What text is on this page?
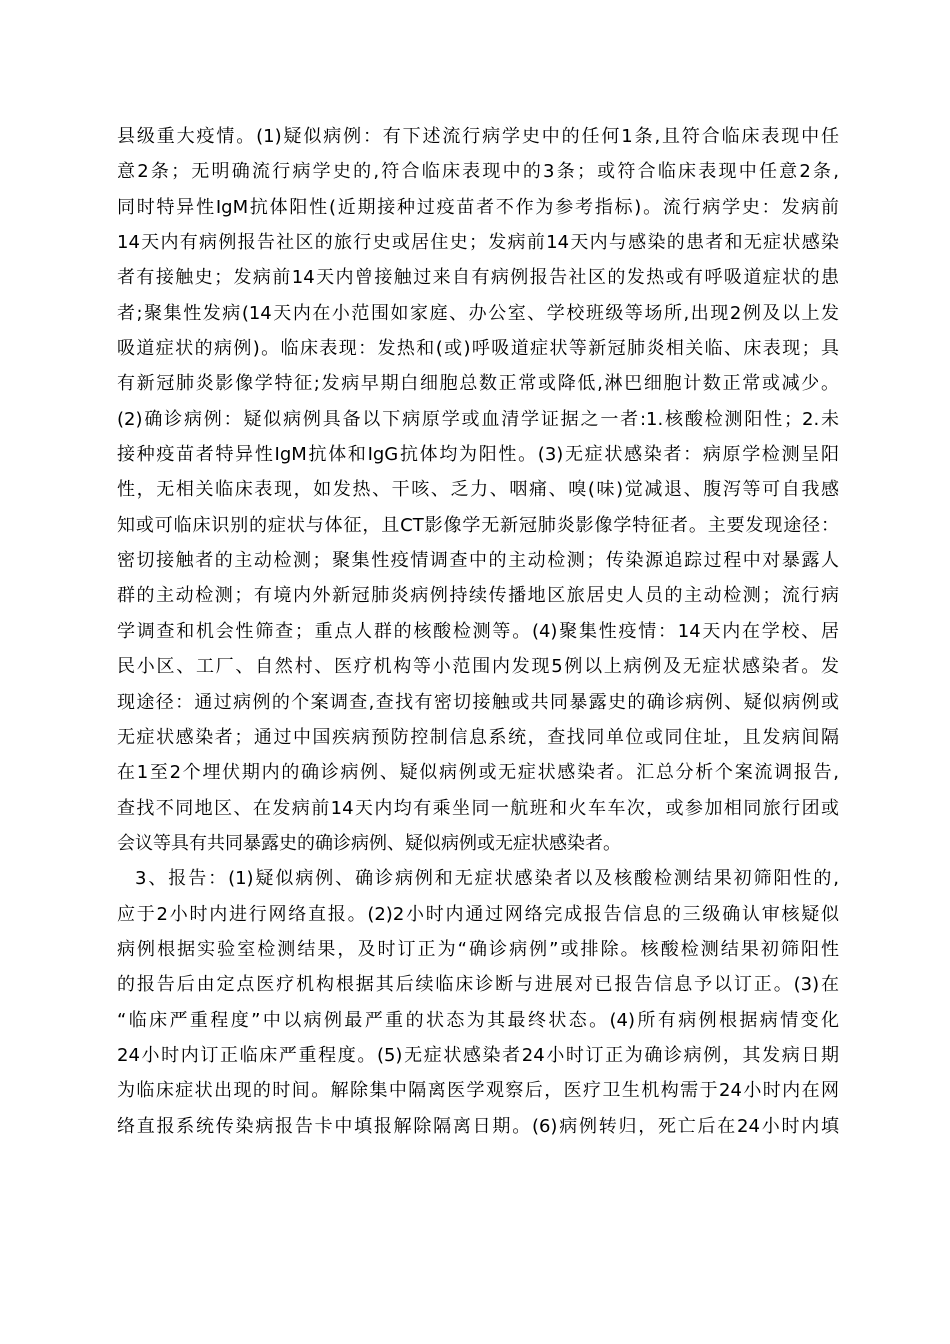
县级重大疫情。(1)疑似病例：有下述流行病学史中的任何1条,且符合临床表现中任
意2条；无明确流行病学史的,符合临床表现中的3条；或符合临床表现中任意2条,
同时特异性IgM抗体阳性(近期接种过疫苗者不作为参考指标)。流行病学史：发病前
14天内有病例报告社区的旅行史或居住史；发病前14天内与感染的患者和无症状感染
者有接触史；发病前14天内曾接触过来自有病例报告社区的发热或有呼吸道症状的患
者;聚集性发病(14天内在小范围如家庭、办公室、学校班级等场所,出现2例及以上发
吸道症状的病例)。临床表现：发热和(或)呼吸道症状等新冠肺炎相关临、床表现；具
有新冠肺炎影像学特征;发病早期白细胞总数正常或降低,淋巴细胞计数正常或减少。
(2)确诊病例：疑似病例具备以下病原学或血清学证据之一者:1.核酸检测阳性；2.未
接种疫苗者特异性IgM抗体和IgG抗体均为阳性。(3)无症状感染者：病原学检测呈阳
性，无相关临床表现，如发热、干咳、乏力、咽痛、嗅(味)觉减退、腹泻等可自我感
知或可临床识别的症状与体征，且CT影像学无新冠肺炎影像学特征者。主要发现途径：
密切接触者的主动检测；聚集性疫情调查中的主动检测；传染源追踪过程中对暴露人
群的主动检测；有境内外新冠肺炎病例持续传播地区旅居史人员的主动检测；流行病
学调查和机会性筛查；重点人群的核酸检测等。(4)聚集性疫情：14天内在学校、居
民小区、工厂、自然村、医疗机构等小范围内发现5例以上病例及无症状感染者。发
现途径：通过病例的个案调查,查找有密切接触或共同暴露史的确诊病例、疑似病例或
无症状感染者；通过中国疾病预防控制信息系统，查找同单位或同住址，且发病间隔
在1至2个埋伏期内的确诊病例、疑似病例或无症状感染者。汇总分析个案流调报告,
查找不同地区、在发病前14天内均有乘坐同一航班和火车车次，或参加相同旅行团或
会议等具有共同暴露史的确诊病例、疑似病例或无症状感染者。
3、报告：(1)疑似病例、确诊病例和无症状感染者以及核酸检测结果初筛阳性的,
应于2小时内进行网络直报。(2)2小时内通过网络完成报告信息的三级确认审核疑似
病例根据实验室检测结果，及时订正为“确诊病例”或排除。核酸检测结果初筛阳性
的报告后由定点医疗机构根据其后续临床诊断与进展对已报告信息予以订正。(3)在
“临床严重程度”中以病例最严重的状态为其最终状态。(4)所有病例根据病情变化
24小时内订正临床严重程度。(5)无症状感染者24小时订正为确诊病例，其发病日期
为临床症状出现的时间。解除集中隔离医学观察后，医疗卫生机构需于24小时内在网
络直报系统传染病报告卡中填报解除隔离日期。(6)病例转归，死亡后在24小时内填
